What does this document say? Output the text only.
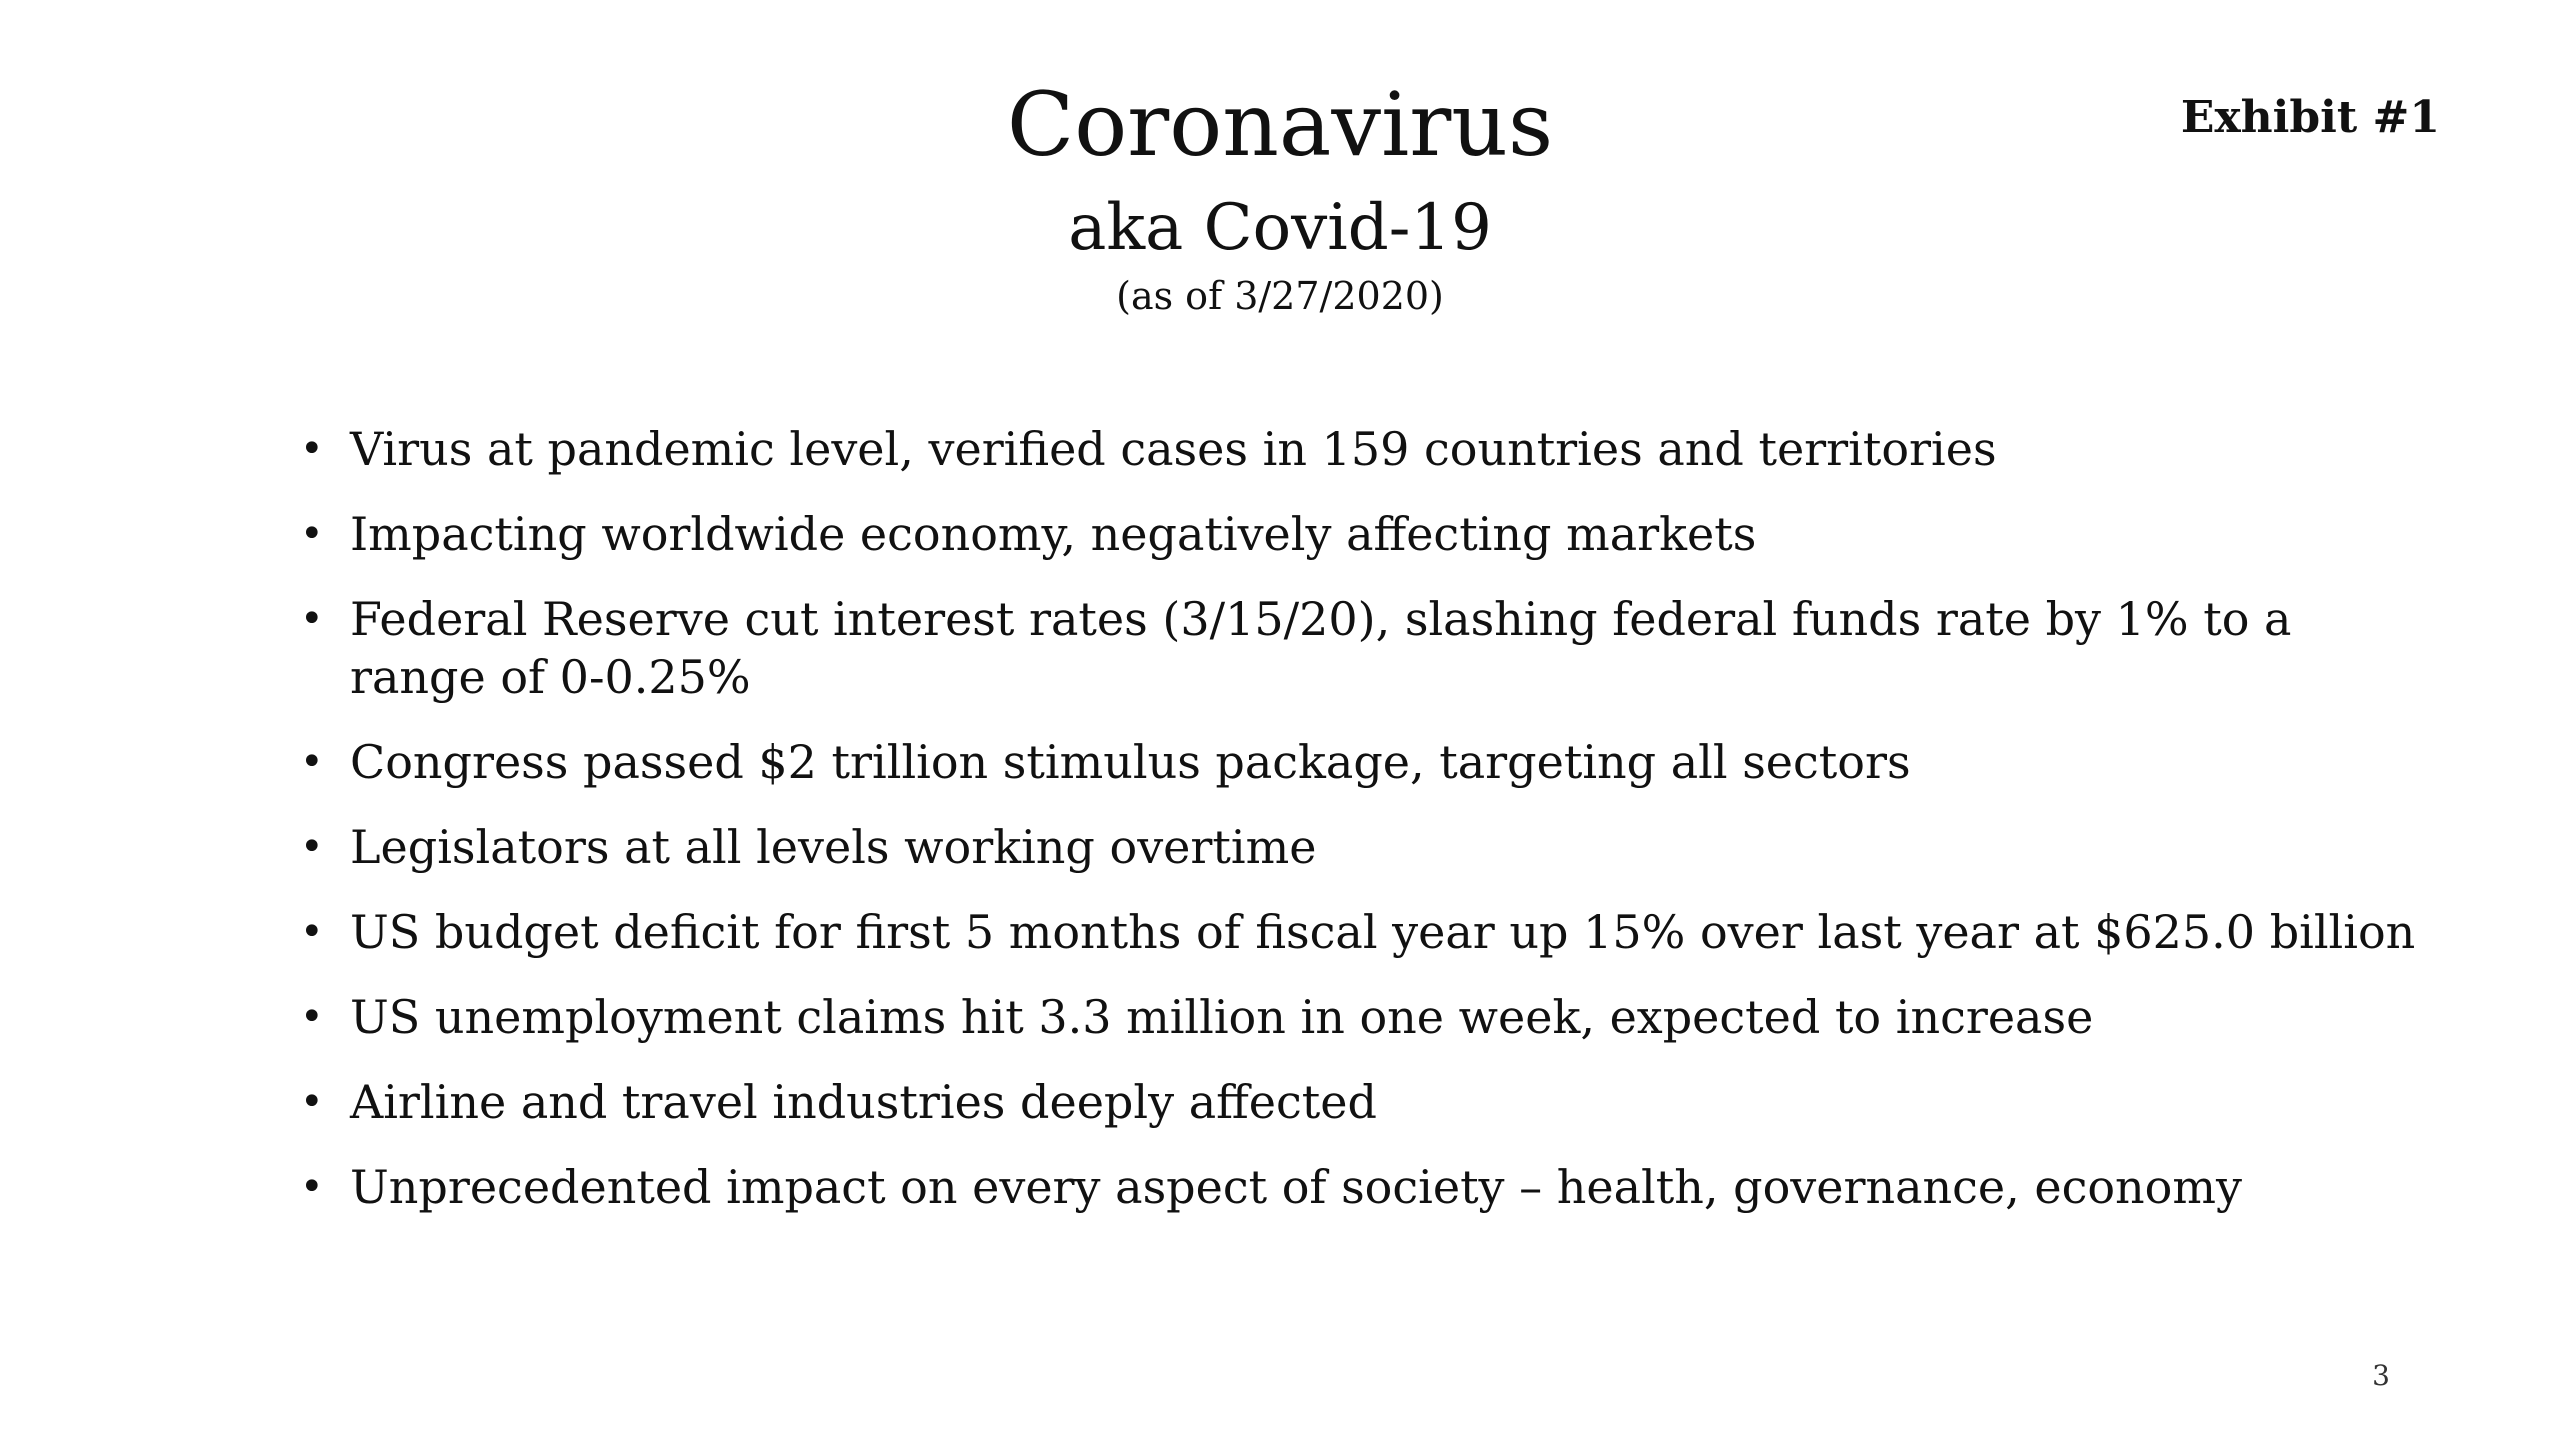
Coronavirus
aka Covid-19
(as of 3/27/2020)
Exhibit #1
• Virus at pandemic level, verified cases in 159 countries and territories
• Impacting worldwide economy, negatively affecting markets
• Federal Reserve cut interest rates (3/15/20), slashing federal funds rate by 1% to a range of 0-0.25%
• Congress passed $2 trillion stimulus package, targeting all sectors
• Legislators at all levels working overtime
• US budget deficit for first 5 months of fiscal year up 15% over last year at $625.0 billion
• US unemployment claims hit 3.3 million in one week, expected to increase
• Airline and travel industries deeply affected
• Unprecedented impact on every aspect of society – health, governance, economy
3
